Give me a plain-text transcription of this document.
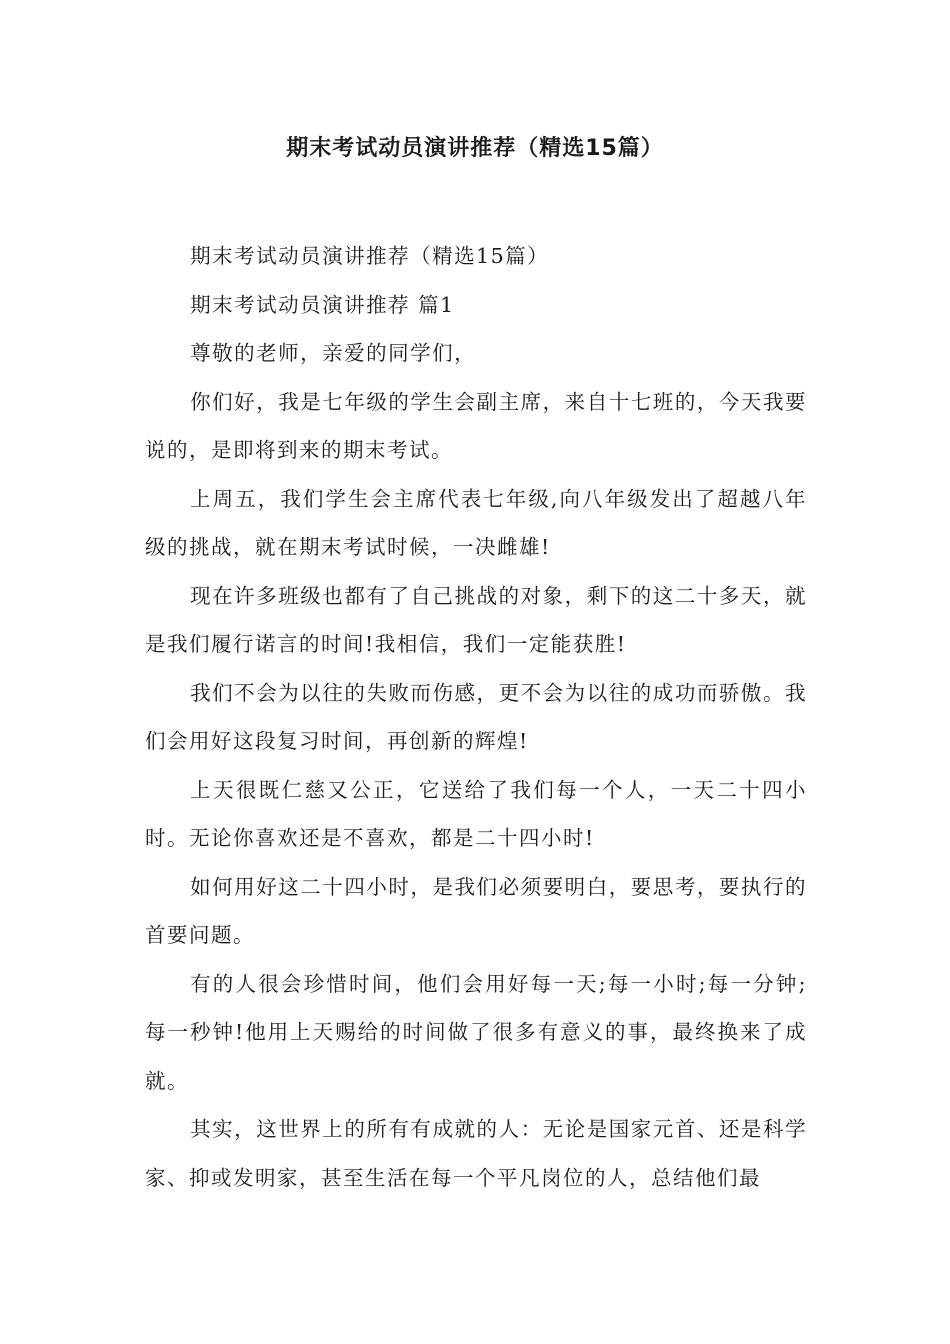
期末考试动员演讲推荐（精选15篇）

期末考试动员演讲推荐（精选15篇）

期末考试动员演讲推荐 篇1

尊敬的老师，亲爱的同学们，

你们好，我是七年级的学生会副主席，来自十七班的，今天我要说的，是即将到来的期末考试。

上周五，我们学生会主席代表七年级,向八年级发出了超越八年级的挑战，就在期末考试时候，一决雌雄!

现在许多班级也都有了自己挑战的对象，剩下的这二十多天，就是我们履行诺言的时间!我相信，我们一定能获胜!

我们不会为以往的失败而伤感，更不会为以往的成功而骄傲。我们会用好这段复习时间，再创新的辉煌!

上天很既仁慈又公正，它送给了我们每一个人，一天二十四小时。无论你喜欢还是不喜欢，都是二十四小时!

如何用好这二十四小时，是我们必须要明白，要思考，要执行的首要问题。

有的人很会珍惜时间，他们会用好每一天;每一小时;每一分钟;每一秒钟!他用上天赐给的时间做了很多有意义的事，最终换来了成就。

其实，这世界上的所有有成就的人：无论是国家元首、还是科学家、抑或发明家，甚至生活在每一个平凡岗位的人，总结他们最
